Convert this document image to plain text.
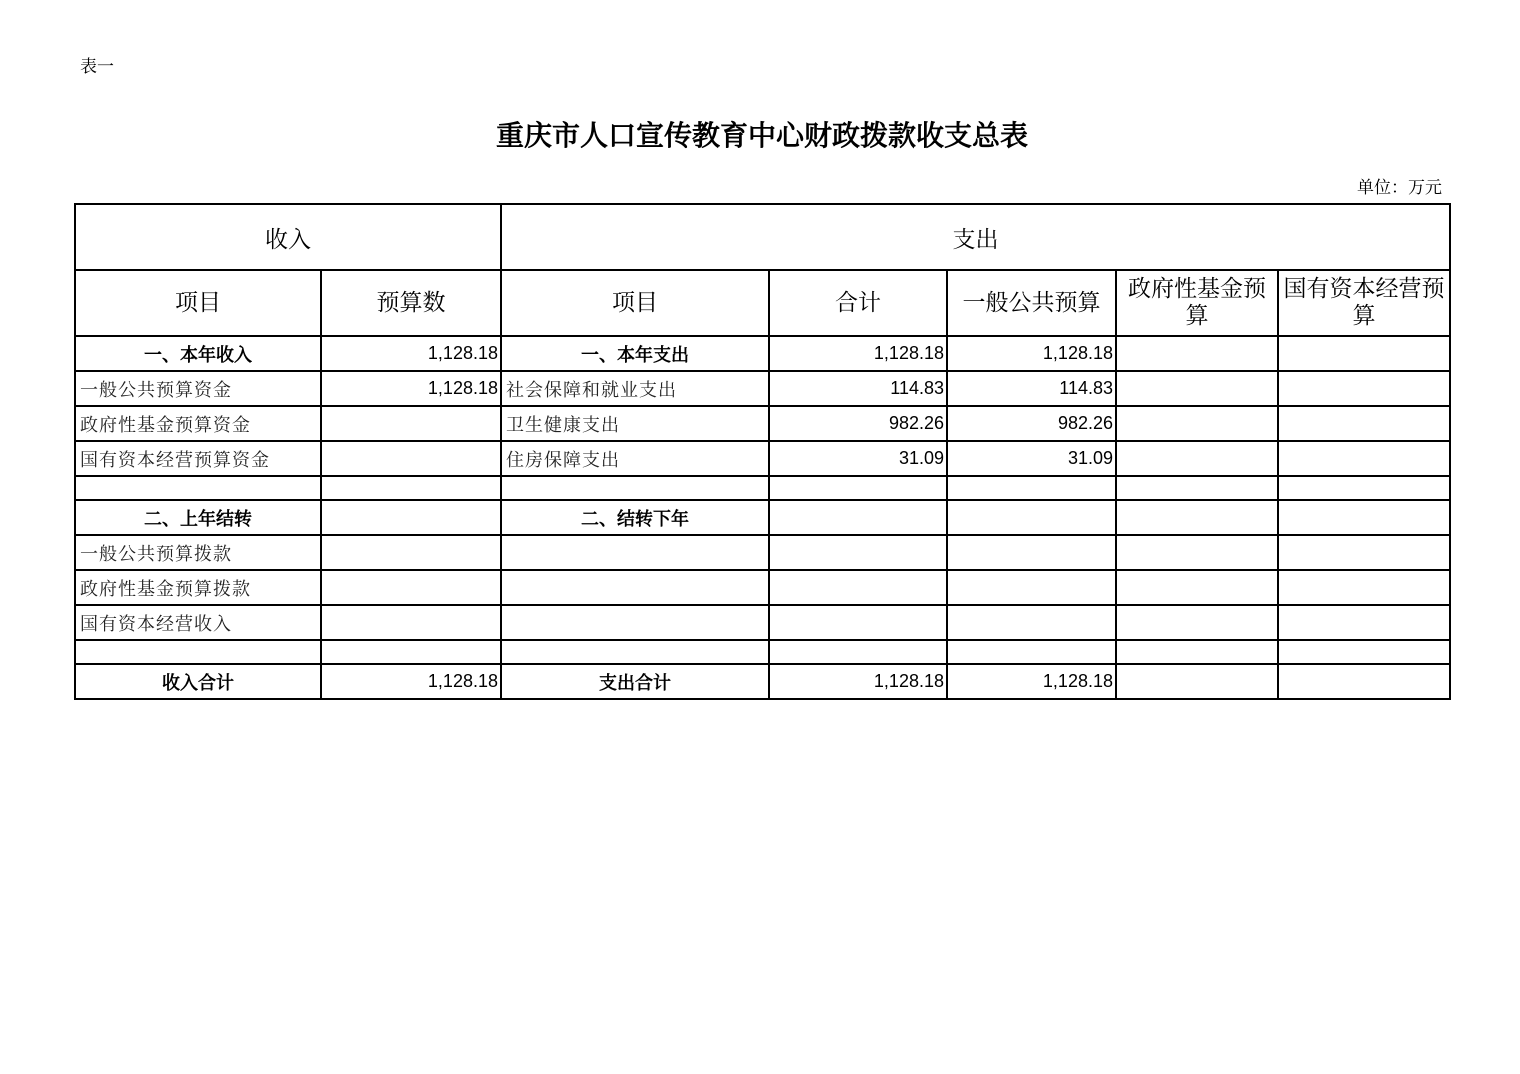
表一
重庆市人口宣传教育中心财政拨款收支总表
单位：万元
收入		支出				
项目	预算数	项目	合计	一般公共预算	政府性基金预算	国有资本经营预算
一、本年收入	1,128.18	一、本年支出	1,128.18	1,128.18		
一般公共预算资金	1,128.18	社会保障和就业支出	114.83	114.83		
政府性基金预算资金		卫生健康支出	982.26	982.26		
国有资本经营预算资金		住房保障支出	31.09	31.09		

二、上年结转		二、结转下年				
一般公共预算拨款						
政府性基金预算拨款						
国有资本经营收入						

收入合计	1,128.18	支出合计	1,128.18	1,128.18		
